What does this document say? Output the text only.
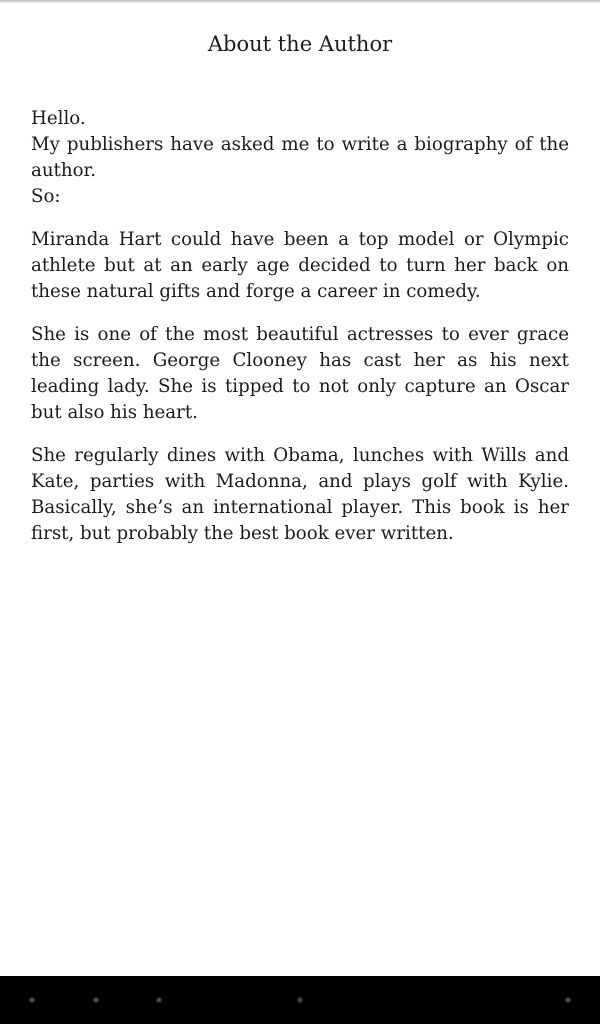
About the Author

Hello.

My publishers have asked me to write a biography of the author.

So:

Miranda Hart could have been a top model or Olympic athlete but at an early age decided to turn her back on these natural gifts and forge a career in comedy.

She is one of the most beautiful actresses to ever grace the screen. George Clooney has cast her as his next leading lady. She is tipped to not only capture an Oscar but also his heart.

She regularly dines with Obama, lunches with Wills and Kate, parties with Madonna, and plays golf with Kylie. Basically, she’s an international player. This book is her first, but probably the best book ever written.
